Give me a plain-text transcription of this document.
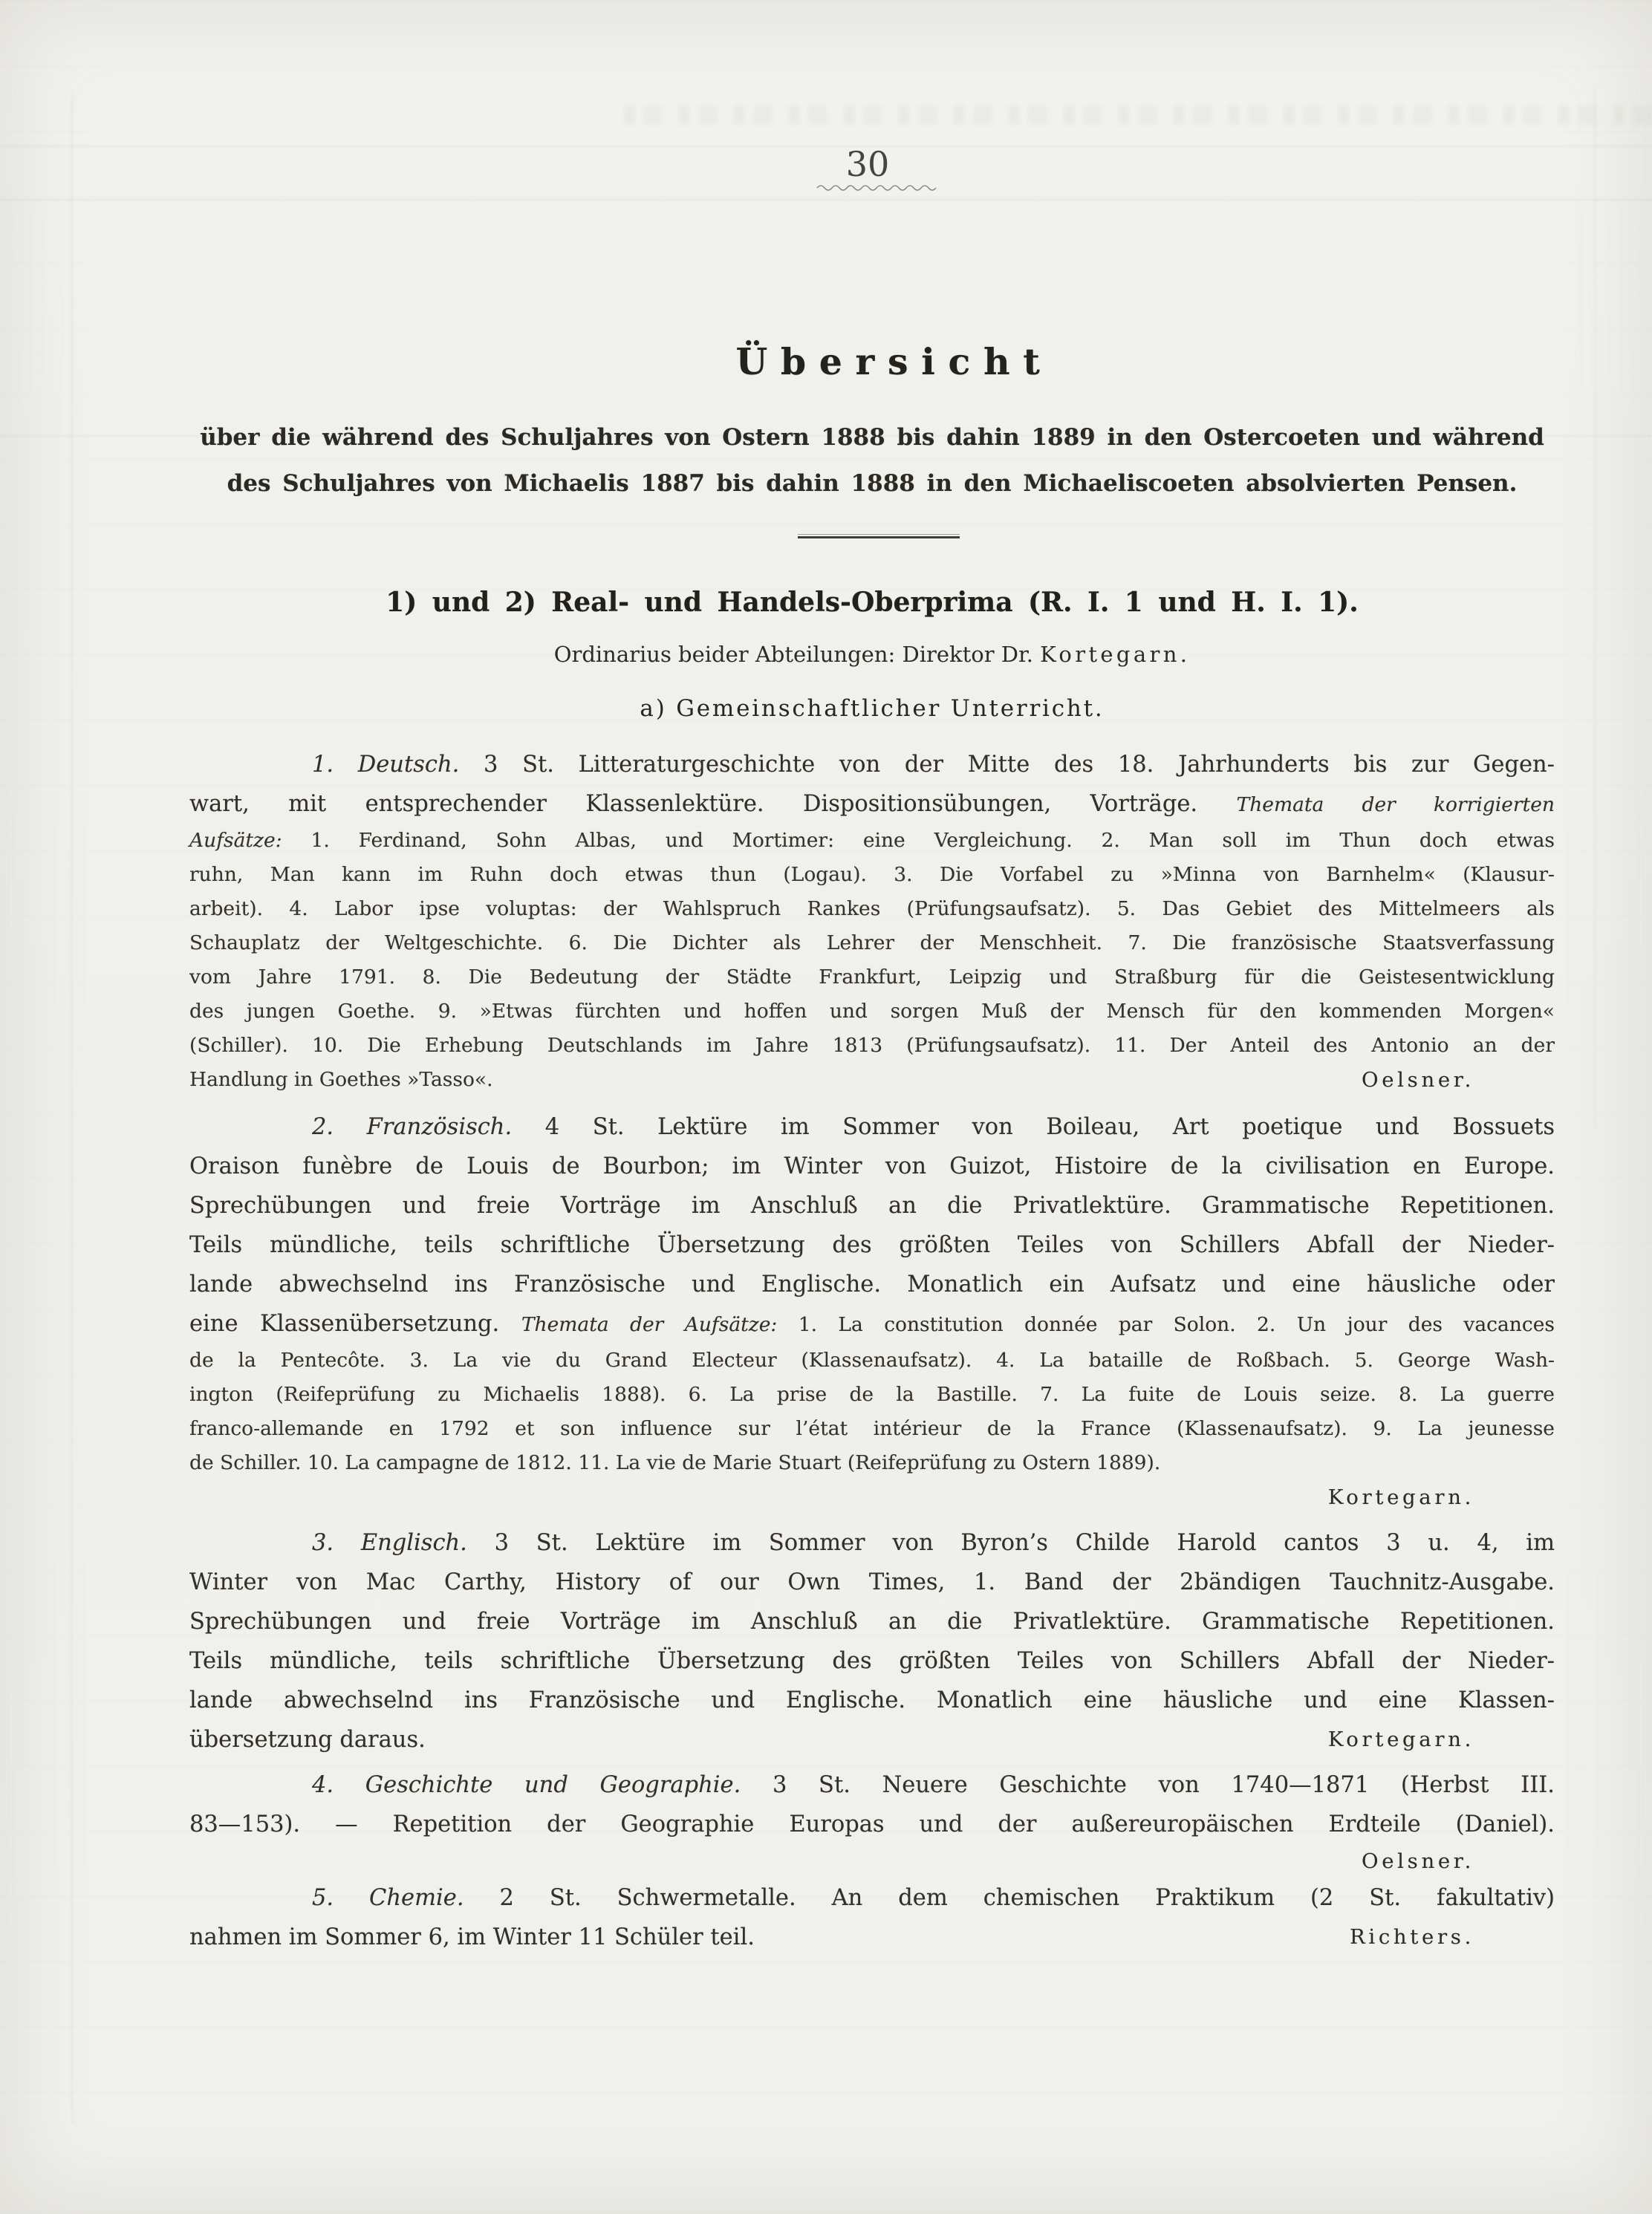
30
Übersicht
über die während des Schuljahres von Ostern 1888 bis dahin 1889 in den Ostercoeten und während
des Schuljahres von Michaelis 1887 bis dahin 1888 in den Michaeliscoeten absolvierten Pensen.
1) und 2) Real- und Handels-Oberprima (R. I. 1 und H. I. 1).
Ordinarius beider Abteilungen: Direktor Dr. Kortegarn.
a) Gemeinschaftlicher Unterricht.
1. Deutsch. 3 St. Litteraturgeschichte von der Mitte des 18. Jahrhunderts bis zur Gegen-
wart, mit entsprechender Klassenlektüre. Dispositionsübungen, Vorträge. Themata der korrigierten
Aufsätze: 1. Ferdinand, Sohn Albas, und Mortimer: eine Vergleichung. 2. Man soll im Thun doch etwas
ruhn, Man kann im Ruhn doch etwas thun (Logau). 3. Die Vorfabel zu »Minna von Barnhelm« (Klausur-
arbeit). 4. Labor ipse voluptas: der Wahlspruch Rankes (Prüfungsaufsatz). 5. Das Gebiet des Mittelmeers als
Schauplatz der Weltgeschichte. 6. Die Dichter als Lehrer der Menschheit. 7. Die französische Staatsverfassung
vom Jahre 1791. 8. Die Bedeutung der Städte Frankfurt, Leipzig und Straßburg für die Geistesentwicklung
des jungen Goethe. 9. »Etwas fürchten und hoffen und sorgen Muß der Mensch für den kommenden Morgen«
(Schiller). 10. Die Erhebung Deutschlands im Jahre 1813 (Prüfungsaufsatz). 11. Der Anteil des Antonio an der
Handlung in Goethes »Tasso«.	Oelsner.
2. Französisch. 4 St. Lektüre im Sommer von Boileau, Art poetique und Bossuets
Oraison funèbre de Louis de Bourbon; im Winter von Guizot, Histoire de la civilisation en Europe.
Sprechübungen und freie Vorträge im Anschluß an die Privatlektüre. Grammatische Repetitionen.
Teils mündliche, teils schriftliche Übersetzung des größten Teiles von Schillers Abfall der Nieder-
lande abwechselnd ins Französische und Englische. Monatlich ein Aufsatz und eine häusliche oder
eine Klassenübersetzung. Themata der Aufsätze: 1. La constitution donnée par Solon. 2. Un jour des vacances
de la Pentecôte. 3. La vie du Grand Electeur (Klassenaufsatz). 4. La bataille de Roßbach. 5. George Wash-
ington (Reifeprüfung zu Michaelis 1888). 6. La prise de la Bastille. 7. La fuite de Louis seize. 8. La guerre
franco-allemande en 1792 et son influence sur l’état intérieur de la France (Klassenaufsatz). 9. La jeunesse
de Schiller. 10. La campagne de 1812. 11. La vie de Marie Stuart (Reifeprüfung zu Ostern 1889).
Kortegarn.
3. Englisch. 3 St. Lektüre im Sommer von Byron’s Childe Harold cantos 3 u. 4, im
Winter von Mac Carthy, History of our Own Times, 1. Band der 2bändigen Tauchnitz-Ausgabe.
Sprechübungen und freie Vorträge im Anschluß an die Privatlektüre. Grammatische Repetitionen.
Teils mündliche, teils schriftliche Übersetzung des größten Teiles von Schillers Abfall der Nieder-
lande abwechselnd ins Französische und Englische. Monatlich eine häusliche und eine Klassen-
übersetzung daraus.	Kortegarn.
4. Geschichte und Geographie. 3 St. Neuere Geschichte von 1740—1871 (Herbst III.
83—153). — Repetition der Geographie Europas und der außereuropäischen Erdteile (Daniel).
Oelsner.
5. Chemie. 2 St. Schwermetalle. An dem chemischen Praktikum (2 St. fakultativ)
nahmen im Sommer 6, im Winter 11 Schüler teil.	Richters.
